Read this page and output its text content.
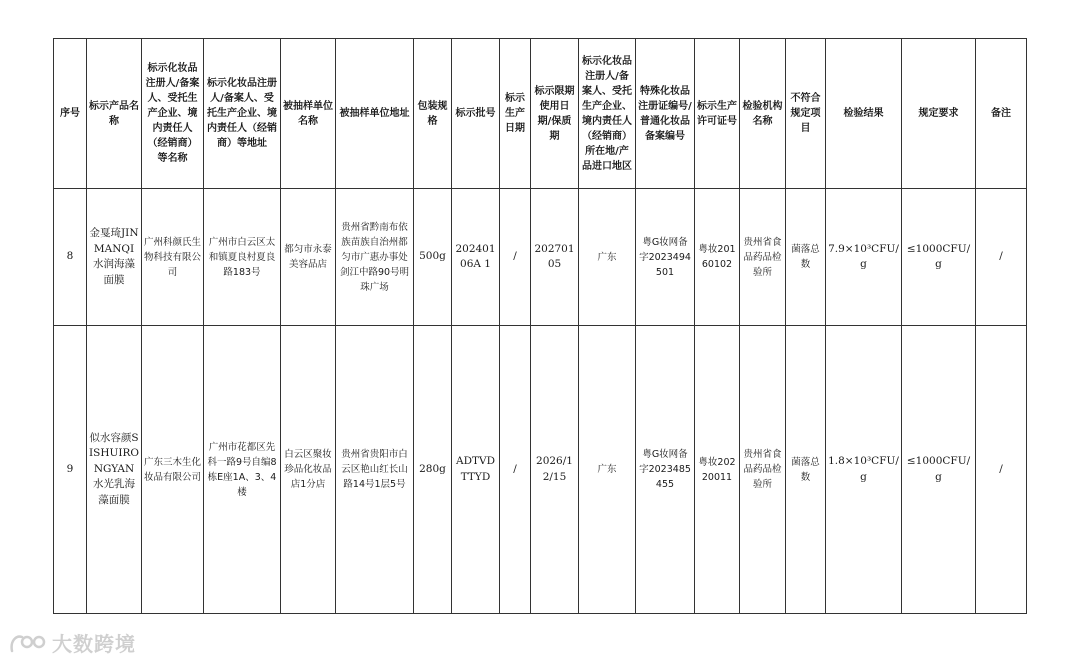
序号	标示产品名称	标示化妆品注册人/备案人、受托生产企业、境内责任人（经销商）等名称	标示化妆品注册人/备案人、受托生产企业、境内责任人（经销商）等地址	被抽样单位名称	被抽样单位地址	包装规格	标示批号	标示生产日期	标示限期使用日期/保质期	标示化妆品注册人/备案人、受托生产企业、境内责任人（经销商）所在地/产品进口地区	特殊化妆品注册证编号/普通化妆品备案编号	标示生产许可证号	检验机构名称	不符合规定项目	检验结果	规定要求	备注
8	金戛琦JINMANQI水润海藻面膜	广州科颜氏生物科技有限公司	广州市白云区太和镇夏良村夏良路183号	都匀市永泰美容品店	贵州省黔南布依族苗族自治州都匀市广惠办事处剑江中路90号明珠广场	500g	202401 06A 1	/	202701 05	广东	粤G妆网备字2023494501	粤妆20160102	贵州省食品药品检验所	菌落总数	7.9×10³CFU/g	≤1000CFU/g	/
9	似水容颜SISHUIRONGYAN水光乳海藻面膜	广东三木生化妆品有限公司	广州市花都区先科一路9号自编8栋E座1A、3、4楼	白云区聚妆珍品化妆品店1分店	贵州省贵阳市白云区艳山红长山路14号1层5号	280g	ADTVD TTYD	/	2026/1 2/15	广东	粤G妆网备字2023485455	粤妆20220011	贵州省食品药品检验所	菌落总数	1.8×10³CFU/g	≤1000CFU/g	/
大数跨境
